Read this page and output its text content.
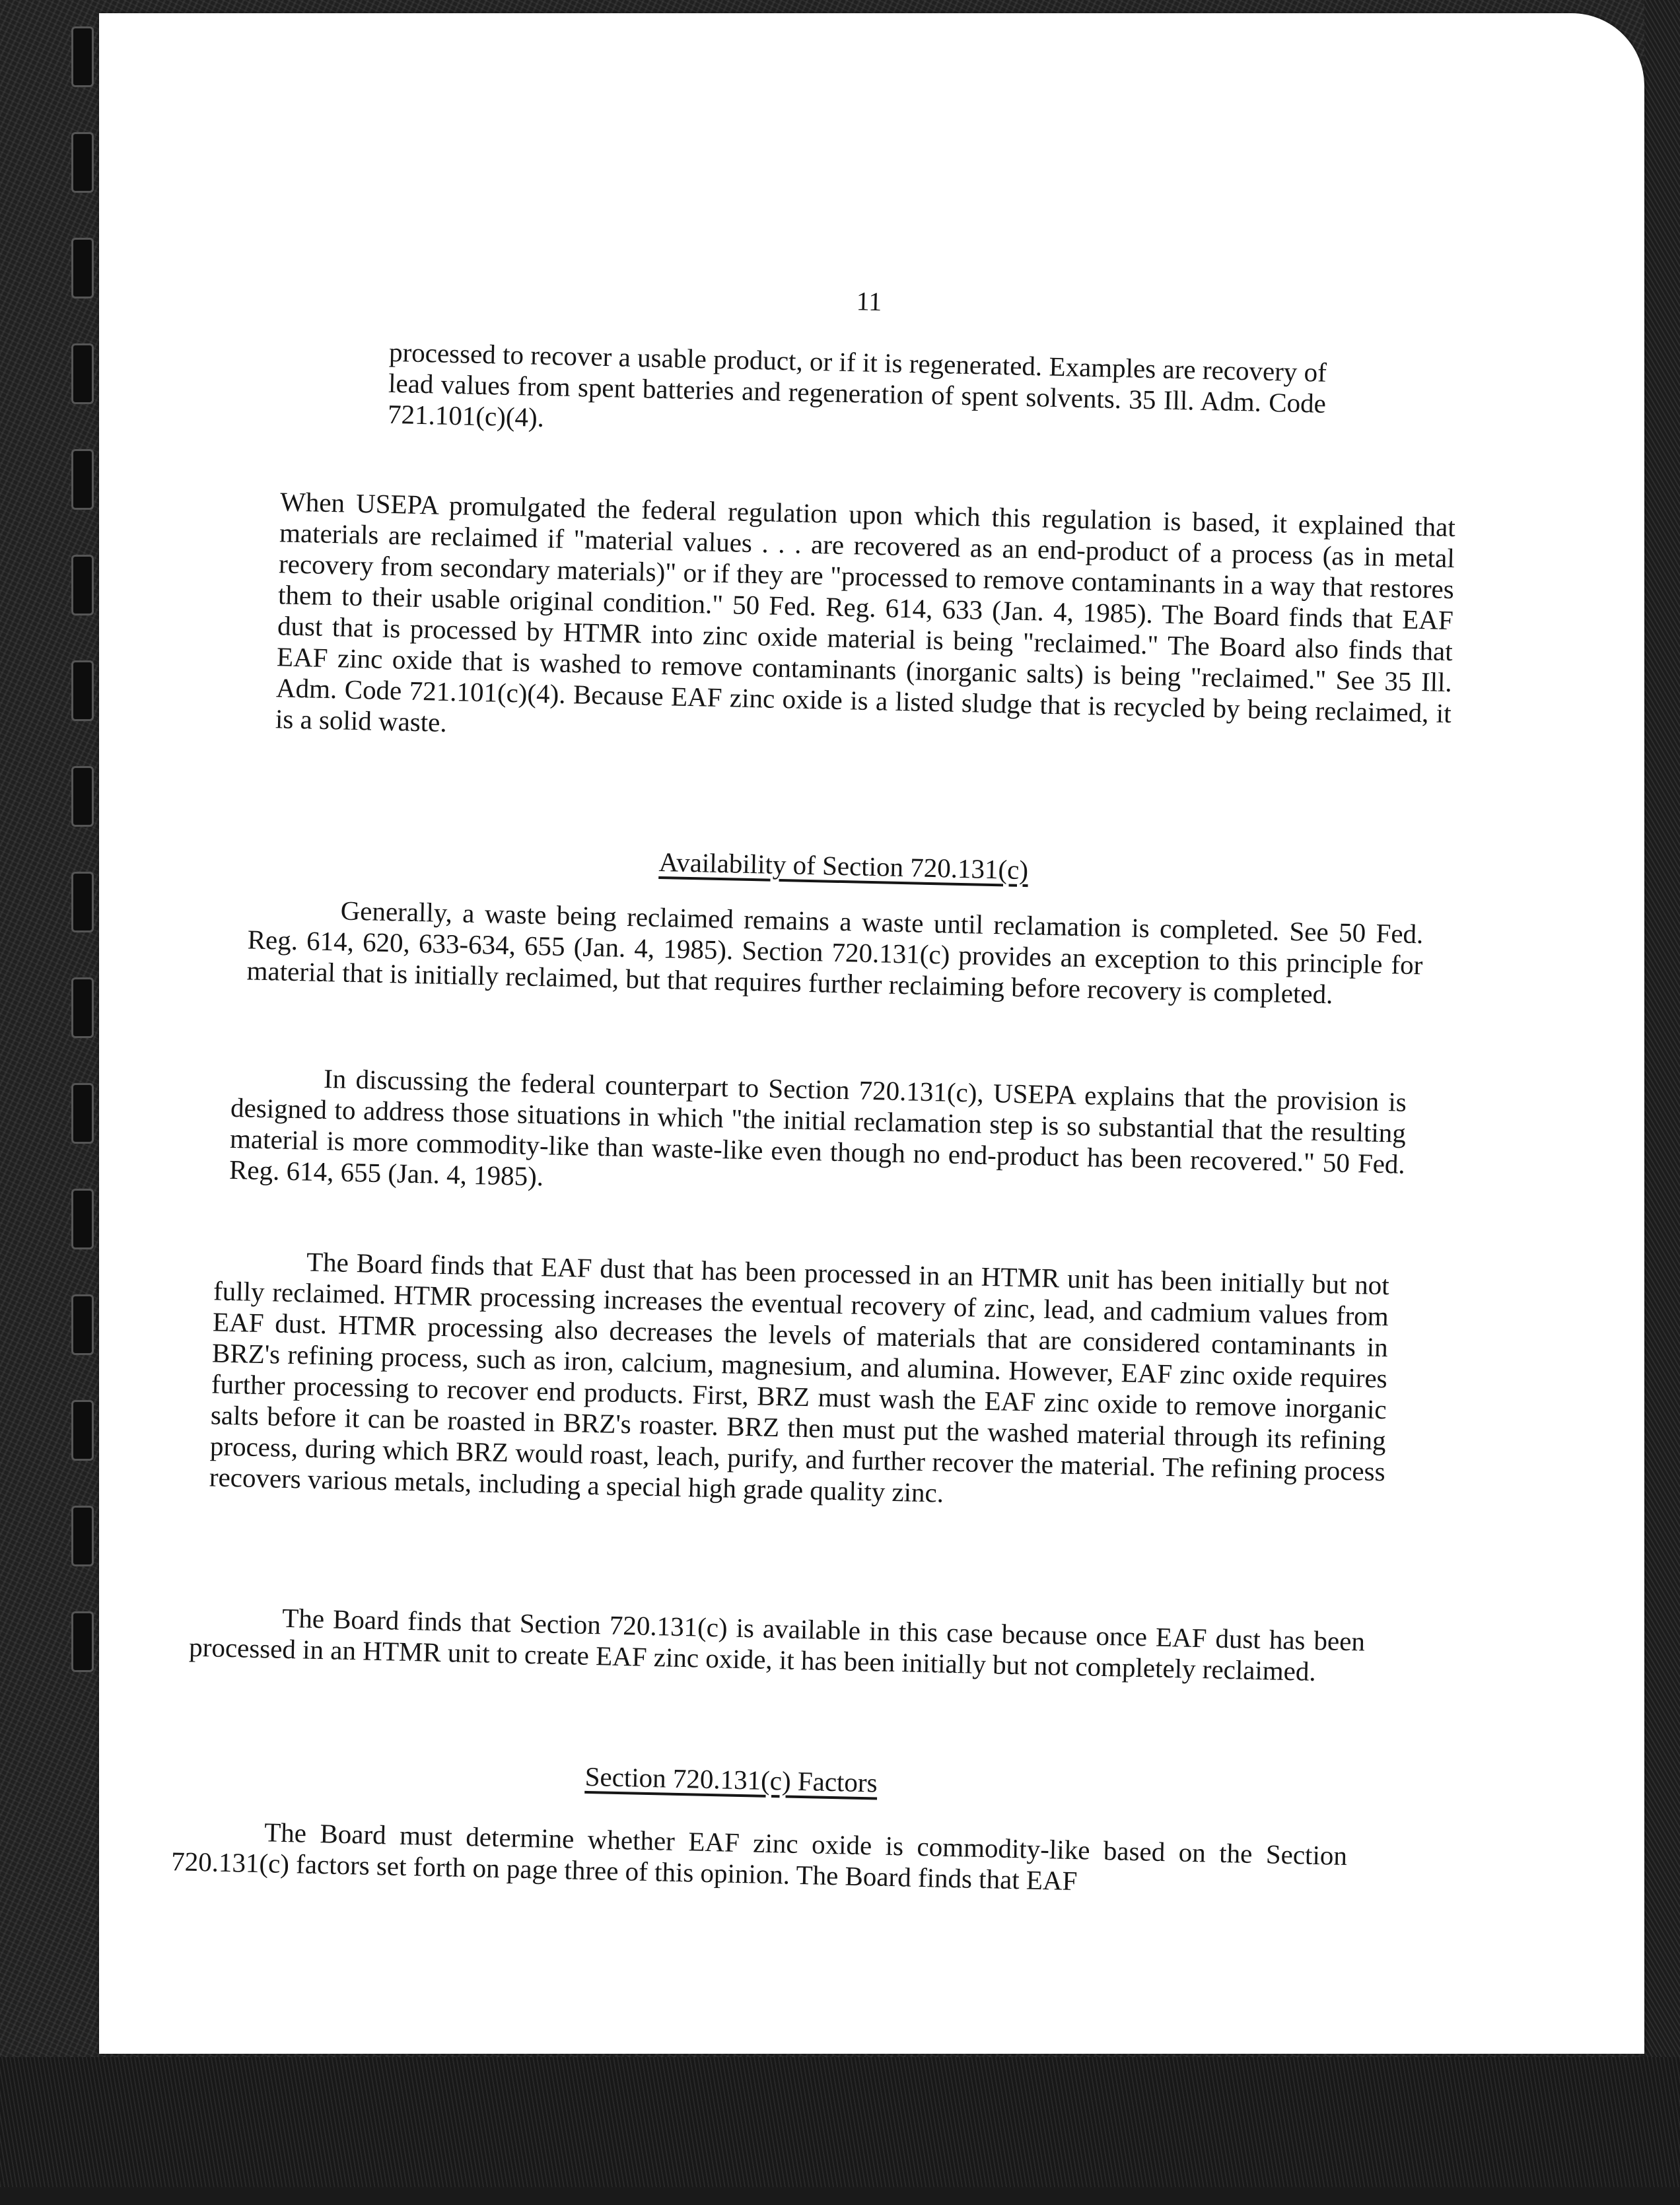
11

processed to recover a usable product, or if it is regenerated. Examples are recovery of lead values from spent batteries and regeneration of spent solvents. 35 Ill. Adm. Code 721.101(c)(4).

When USEPA promulgated the federal regulation upon which this regulation is based, it explained that materials are reclaimed if "material values . . . are recovered as an end-product of a process (as in metal recovery from secondary materials)" or if they are "processed to remove contaminants in a way that restores them to their usable original condition." 50 Fed. Reg. 614, 633 (Jan. 4, 1985). The Board finds that EAF dust that is processed by HTMR into zinc oxide material is being "reclaimed." The Board also finds that EAF zinc oxide that is washed to remove contaminants (inorganic salts) is being "reclaimed." See 35 Ill. Adm. Code 721.101(c)(4). Because EAF zinc oxide is a listed sludge that is recycled by being reclaimed, it is a solid waste.

Availability of Section 720.131(c)

Generally, a waste being reclaimed remains a waste until reclamation is completed. See 50 Fed. Reg. 614, 620, 633-634, 655 (Jan. 4, 1985). Section 720.131(c) provides an exception to this principle for material that is initially reclaimed, but that requires further reclaiming before recovery is completed.

In discussing the federal counterpart to Section 720.131(c), USEPA explains that the provision is designed to address those situations in which "the initial reclamation step is so substantial that the resulting material is more commodity-like than waste-like even though no end-product has been recovered." 50 Fed. Reg. 614, 655 (Jan. 4, 1985).

The Board finds that EAF dust that has been processed in an HTMR unit has been initially but not fully reclaimed. HTMR processing increases the eventual recovery of zinc, lead, and cadmium values from EAF dust. HTMR processing also decreases the levels of materials that are considered contaminants in BRZ's refining process, such as iron, calcium, magnesium, and alumina. However, EAF zinc oxide requires further processing to recover end products. First, BRZ must wash the EAF zinc oxide to remove inorganic salts before it can be roasted in BRZ's roaster. BRZ then must put the washed material through its refining process, during which BRZ would roast, leach, purify, and further recover the material. The refining process recovers various metals, including a special high grade quality zinc.

The Board finds that Section 720.131(c) is available in this case because once EAF dust has been processed in an HTMR unit to create EAF zinc oxide, it has been initially but not completely reclaimed.

Section 720.131(c) Factors

The Board must determine whether EAF zinc oxide is commodity-like based on the Section 720.131(c) factors set forth on page three of this opinion. The Board finds that EAF
